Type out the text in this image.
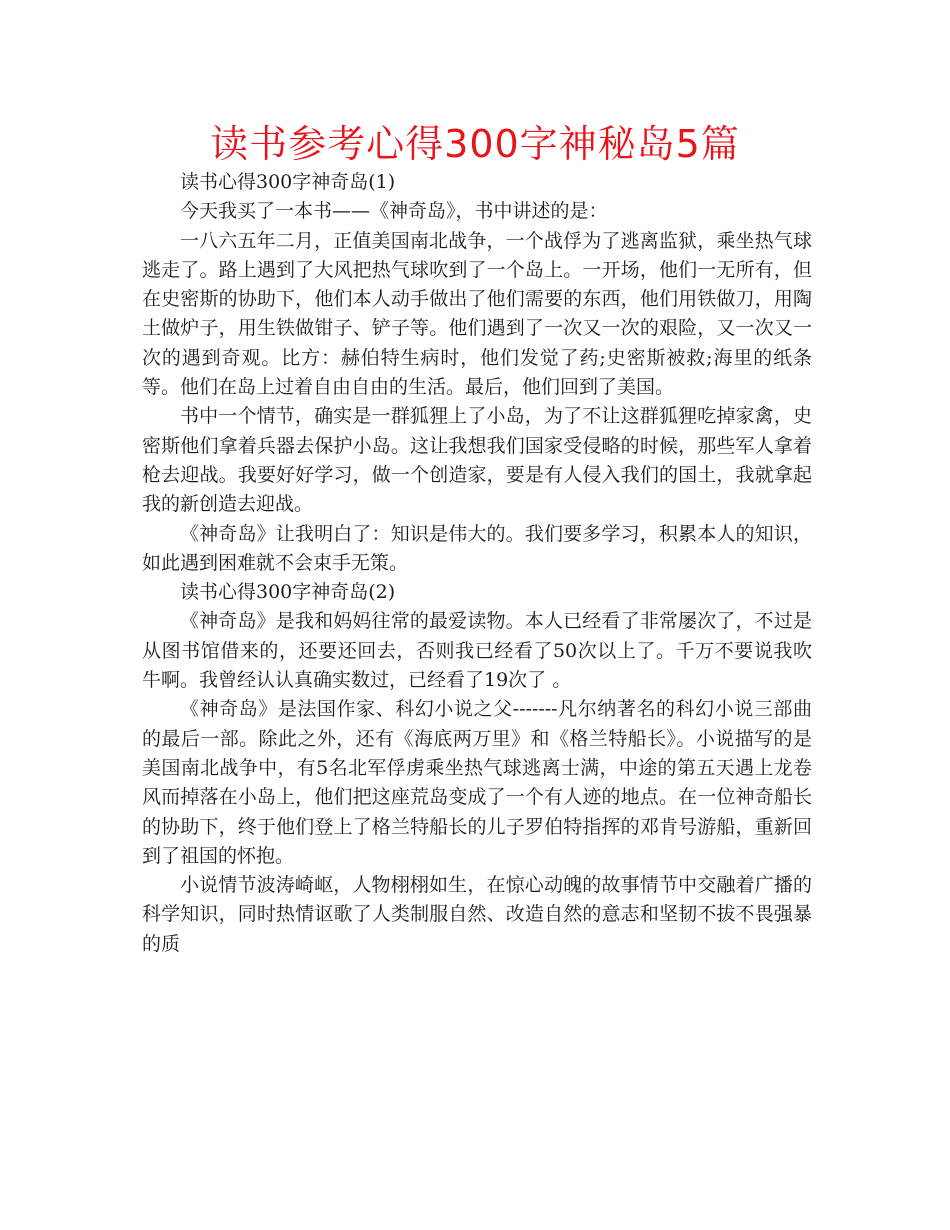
读书参考心得300字神秘岛5篇

读书心得300字神奇岛(1)

今天我买了一本书——《神奇岛》，书中讲述的是：

一八六五年二月，正值美国南北战争，一个战俘为了逃离监狱，乘坐热气球逃走了。路上遇到了大风把热气球吹到了一个岛上。一开场，他们一无所有，但在史密斯的协助下，他们本人动手做出了他们需要的东西，他们用铁做刀，用陶土做炉子，用生铁做钳子、铲子等。他们遇到了一次又一次的艰险，又一次又一次的遇到奇观。比方：赫伯特生病时，他们发觉了药;史密斯被救;海里的纸条等。他们在岛上过着自由自由的生活。最后，他们回到了美国。

书中一个情节，确实是一群狐狸上了小岛，为了不让这群狐狸吃掉家禽，史密斯他们拿着兵器去保护小岛。这让我想我们国家受侵略的时候，那些军人拿着枪去迎战。我要好好学习，做一个创造家，要是有人侵入我们的国土，我就拿起我的新创造去迎战。

《神奇岛》让我明白了：知识是伟大的。我们要多学习，积累本人的知识，如此遇到困难就不会束手无策。

读书心得300字神奇岛(2)

《神奇岛》是我和妈妈往常的最爱读物。本人已经看了非常屡次了，不过是从图书馆借来的，还要还回去，否则我已经看了50次以上了。千万不要说我吹牛啊。我曾经认认真确实数过，已经看了19次了 。

《神奇岛》是法国作家、科幻小说之父-------凡尔纳著名的科幻小说三部曲的最后一部。除此之外，还有《海底两万里》和《格兰特船长》。小说描写的是美国南北战争中，有5名北军俘虏乘坐热气球逃离士满，中途的第五天遇上龙卷风而掉落在小岛上，他们把这座荒岛变成了一个有人迹的地点。在一位神奇船长的协助下，终于他们登上了格兰特船长的儿子罗伯特指挥的邓肯号游船，重新回到了祖国的怀抱。

小说情节波涛崎岖，人物栩栩如生，在惊心动魄的故事情节中交融着广播的科学知识，同时热情讴歌了人类制服自然、改造自然的意志和坚韧不拔不畏强暴的质
